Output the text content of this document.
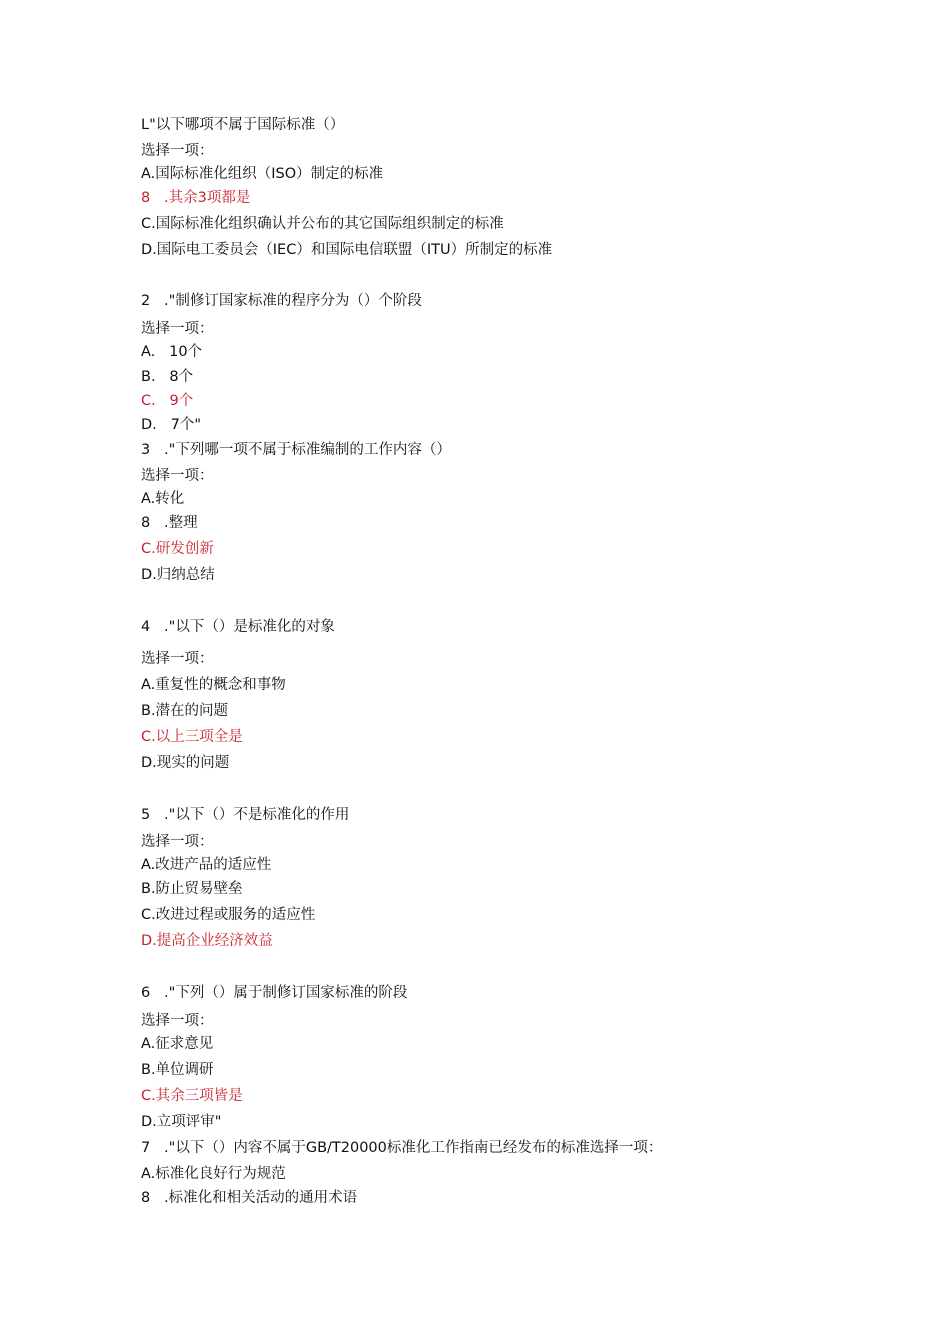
L"以下哪项不属于国际标准（）
选择一项：
A.国际标准化组织（ISO）制定的标准
8   .其余3项都是
C.国际标准化组织确认并公布的其它国际组织制定的标准
D.国际电工委员会（IEC）和国际电信联盟（ITU）所制定的标准
2   ."制修订国家标准的程序分为（）个阶段
选择一项：
A.   10个
B.   8个
C.   9个
D.   7个"
3   ."下列哪一项不属于标准编制的工作内容（）
选择一项：
A.转化
8   .整理
C.研发创新
D.归纳总结
4   ."以下（）是标准化的对象
选择一项：
A.重复性的概念和事物
B.潜在的问题
C.以上三项全是
D.现实的问题
5   ."以下（）不是标准化的作用
选择一项：
A.改进产品的适应性
B.防止贸易壁垒
C.改进过程或服务的适应性
D.提高企业经济效益
6   ."下列（）属于制修订国家标准的阶段
选择一项：
A.征求意见
B.单位调研
C.其余三项皆是
D.立项评审"
7   ."以下（）内容不属于GB/T20000标准化工作指南已经发布的标准选择一项：
A.标准化良好行为规范
8   .标准化和相关活动的通用术语
